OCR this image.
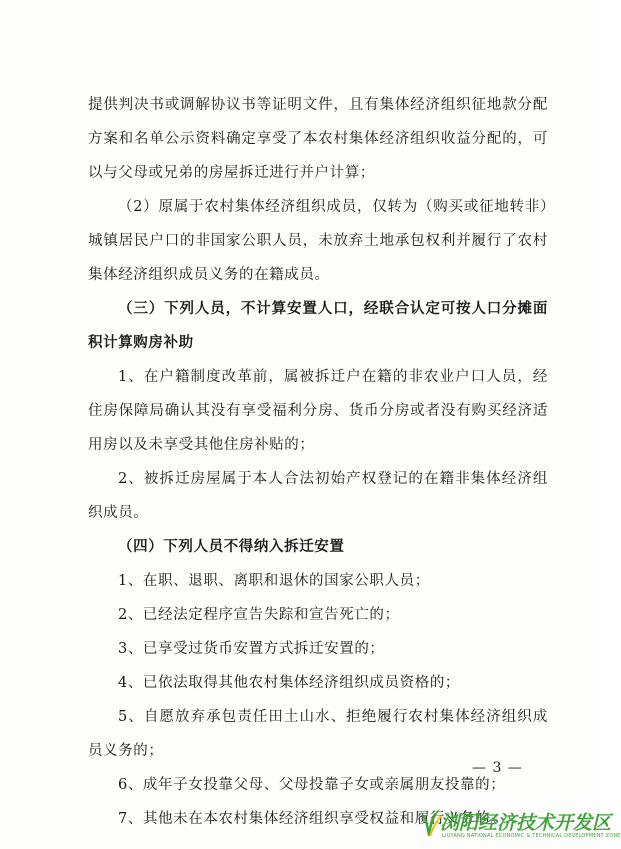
提供判决书或调解协议书等证明文件，且有集体经济组织征地款分配方案和名单公示资料确定享受了本农村集体经济组织收益分配的，可以与父母或兄弟的房屋拆迁进行并户计算；

（2）原属于农村集体经济组织成员，仅转为（购买或征地转非）城镇居民户口的非国家公职人员，未放弃土地承包权利并履行了农村集体经济组织成员义务的在籍成员。

（三）下列人员，不计算安置人口，经联合认定可按人口分摊面积计算购房补助

1、在户籍制度改革前，属被拆迁户在籍的非农业户口人员，经住房保障局确认其没有享受福利分房、货币分房或者没有购买经济适用房以及未享受其他住房补贴的；

2、被拆迁房屋属于本人合法初始产权登记的在籍非集体经济组织成员。

（四）下列人员不得纳入拆迁安置

1、在职、退职、离职和退休的国家公职人员；

2、已经法定程序宣告失踪和宣告死亡的；

3、已享受过货币安置方式拆迁安置的；

4、已依法取得其他农村集体经济组织成员资格的；

5、自愿放弃承包责任田土山水、拒绝履行农村集体经济组织成员义务的；

6、成年子女投靠父母、父母投靠子女或亲属朋友投靠的；

7、其他未在本农村集体经济组织享受权益和履行义务的。

— 3 —
浏阳经济技术开发区
LIUYANG NATIONAL ECONOMIC & TECHNICAL DEVELOPMENT ZONE
